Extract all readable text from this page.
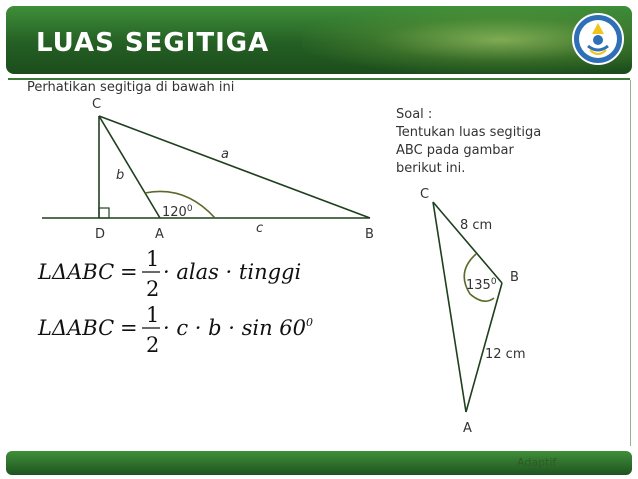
LUAS SEGITIGA
Perhatikan segitiga di bawah ini
C
D	A	B
a
b
c
$120^0$
LΔABC =
1
2
· alas · tinggi
LΔABC =
1
2
· $c \cdot b \cdot \sin 60^0$
C
B
A
8 cm
12 cm
$135^0$
Soal :
Tentukan luas segitiga
ABC pada gambar
berikut ini.
Adaptif
